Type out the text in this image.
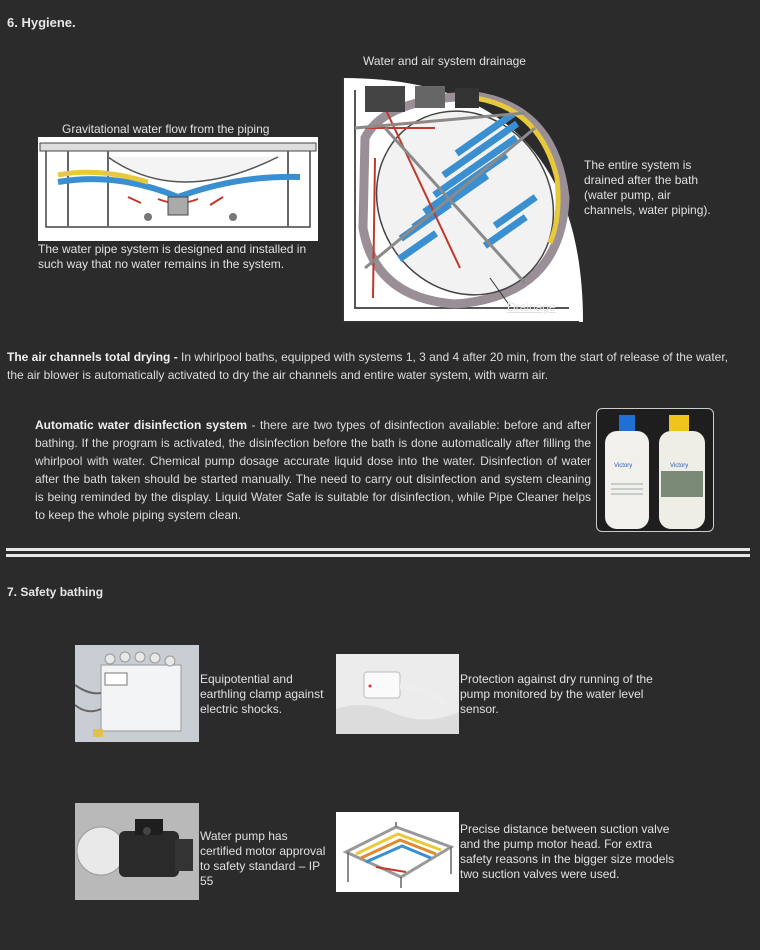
6. Hygiene.
Water and air system drainage
Drainage
Gravitational water flow from the piping
The water pipe system is designed and installed in such way that no water remains in the system.
The entire system is drained after the bath (water pump, air channels, water piping).
The air channels total drying - In whirlpool baths, equipped with systems 1, 3 and 4 after 20 min, from the start of release of the water, the air blower is automatically activated to dry the air channels and entire water system, with warm air.
Automatic water disinfection system - there are two types of disinfection available: before and after bathing. If the program is activated, the disinfection before the bath is done automatically after filling the whirlpool with water. Chemical pump dosage accurate liquid dose into the water. Disinfection of water after the bath taken should be started manually. The need to carry out disinfection and system cleaning is being reminded by the display. Liquid Water Safe is suitable for disinfection, while Pipe Cleaner helps to keep the whole piping system clean.
Victory	Victory
7. Safety bathing
Equipotential and earthling clamp against electric shocks.
Protection against dry running of the pump monitored by the water level sensor.
Water pump has certified motor approval to safety standard – IP 55
Precise distance between suction valve and the pump motor head. For extra safety reasons in the bigger size models two suction valves were used.
